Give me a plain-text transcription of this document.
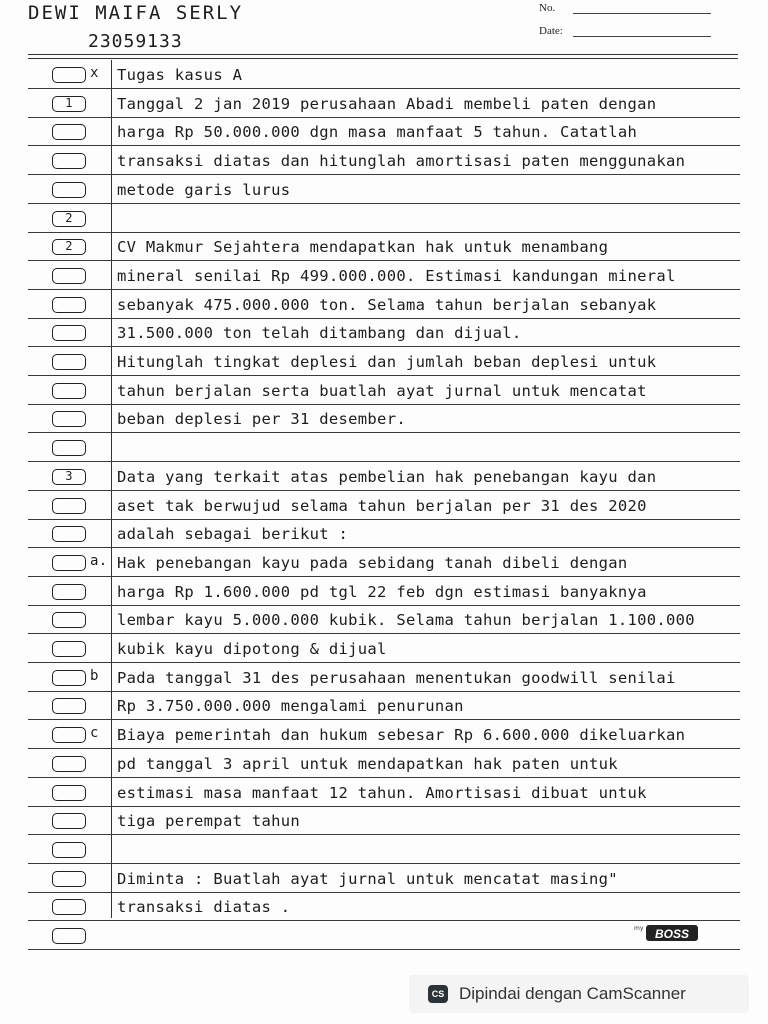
DEWI MAIFA SERLY
23059133
No.
Date:
x Tugas kasus A
1	Tanggal 2 jan 2019 perusahaan Abadi membeli paten dengan
harga Rp 50.000.000 dgn masa manfaat 5 tahun. Catatlah
transaksi diatas dan hitunglah amortisasi paten menggunakan
metode garis lurus
2
2	CV Makmur Sejahtera mendapatkan hak untuk menambang
mineral senilai Rp 499.000.000. Estimasi kandungan mineral
sebanyak 475.000.000 ton. Selama tahun berjalan sebanyak
31.500.000 ton telah ditambang dan dijual.
Hitunglah tingkat deplesi dan jumlah beban deplesi untuk
tahun berjalan serta buatlah ayat jurnal untuk mencatat
beban deplesi per 31 desember.
3	Data yang terkait atas pembelian hak penebangan kayu dan
aset tak berwujud selama tahun berjalan per 31 des 2020
adalah sebagai berikut :
a. Hak penebangan kayu pada sebidang tanah dibeli dengan
harga Rp 1.600.000 pd tgl 22 feb dgn estimasi banyaknya
lembar kayu 5.000.000 kubik. Selama tahun berjalan 1.100.000
kubik kayu dipotong & dijual
b Pada tanggal 31 des perusahaan menentukan goodwill senilai
Rp 3.750.000.000 mengalami penurunan
c Biaya pemerintah dan hukum sebesar Rp 6.600.000 dikeluarkan
pd tanggal 3 april untuk mendapatkan hak paten untuk
estimasi masa manfaat 12 tahun. Amortisasi dibuat untuk
tiga perempat tahun
Diminta : Buatlah ayat jurnal untuk mencatat masing"
transaksi diatas .
my BOSS
CS Dipindai dengan CamScanner
